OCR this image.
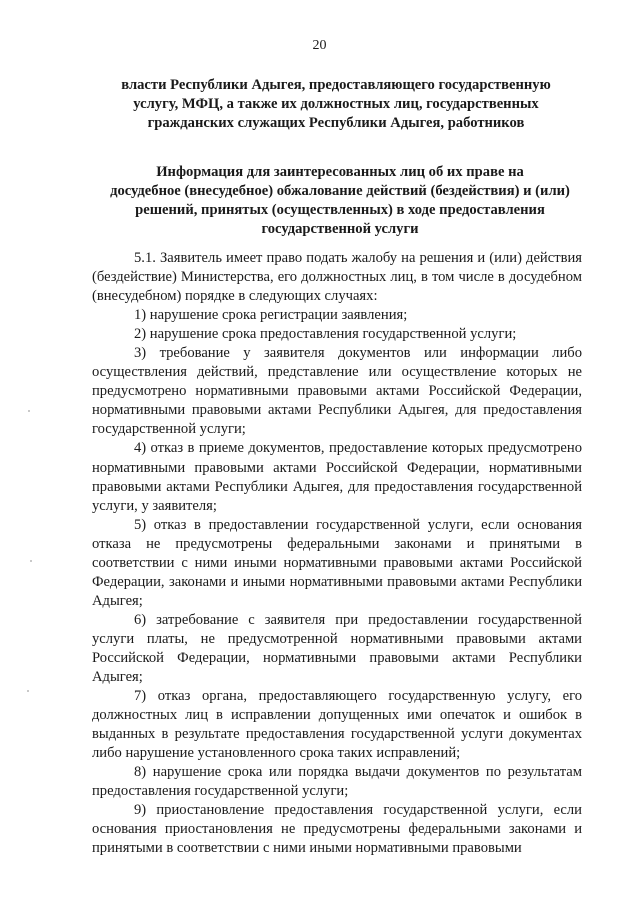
20
власти Республики Адыгея, предоставляющего государственную
услугу, МФЦ, а также их должностных лиц, государственных
гражданских служащих Республики Адыгея, работников
Информация для заинтересованных лиц об их праве на
досудебное (внесудебное) обжалование действий (бездействия) и (или)
решений, принятых (осуществленных) в ходе предоставления
государственной услуги

5.1. Заявитель имеет право подать жалобу на решения и (или) действия (бездействие) Министерства, его должностных лиц, в том числе в досудебном (внесудебном) порядке в следующих случаях:

1) нарушение срока регистрации заявления;

2) нарушение срока предоставления государственной услуги;

3) требование у заявителя документов или информации либо осуществления действий, представление или осуществление которых не предусмотрено нормативными правовыми актами Российской Федерации, нормативными правовыми актами Республики Адыгея, для предоставления государственной услуги;

4) отказ в приеме документов, предоставление которых предусмотрено нормативными правовыми актами Российской Федерации, нормативными правовыми актами Республики Адыгея, для предоставления государственной услуги, у заявителя;

5) отказ в предоставлении государственной услуги, если основания отказа не предусмотрены федеральными законами и принятыми в соответствии с ними иными нормативными правовыми актами Российской Федерации, законами и иными нормативными правовыми актами Республики Адыгея;

6) затребование с заявителя при предоставлении государственной услуги платы, не предусмотренной нормативными правовыми актами Российской Федерации, нормативными правовыми актами Республики Адыгея;

7) отказ органа, предоставляющего государственную услугу, его должностных лиц в исправлении допущенных ими опечаток и ошибок в выданных в результате предоставления государственной услуги документах либо нарушение установленного срока таких исправлений;

8) нарушение срока или порядка выдачи документов по результатам предоставления государственной услуги;

9) приостановление предоставления государственной услуги, если основания приостановления не предусмотрены федеральными законами и принятыми в соответствии с ними иными нормативными правовыми
